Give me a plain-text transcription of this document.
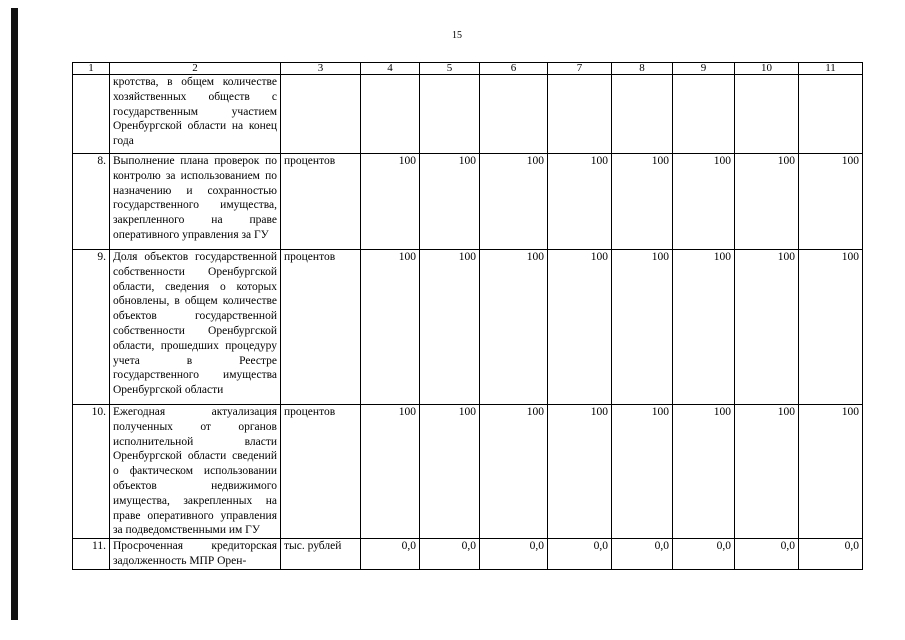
15
1	2	3	4	5	6	7	8	9	10	11
	кротства, в общем количестве хозяйственных обществ с государственным участием Оренбургской области на конец года									
8.	Выполнение плана проверок по контролю за использованием по назначению и сохранностью государственного имущества, закрепленного на праве оперативного управления за ГУ	процентов	100	100	100	100	100	100	100	100
9.	Доля объектов государственной собственности Оренбургской области, сведения о которых обновлены, в общем количестве объектов государственной собственности Оренбургской области, прошедших процедуру учета в Реестре государственного имущества Оренбургской области	процентов	100	100	100	100	100	100	100	100
10.	Ежегодная актуализация полученных от органов исполнительной власти Оренбургской области сведений о фактическом использовании объектов недвижимого имущества, закрепленных на праве оперативного управления за подведомственными им ГУ	процентов	100	100	100	100	100	100	100	100
11.	Просроченная кредиторская задолженность МПР Орен-	тыс. рублей	0,0	0,0	0,0	0,0	0,0	0,0	0,0	0,0
